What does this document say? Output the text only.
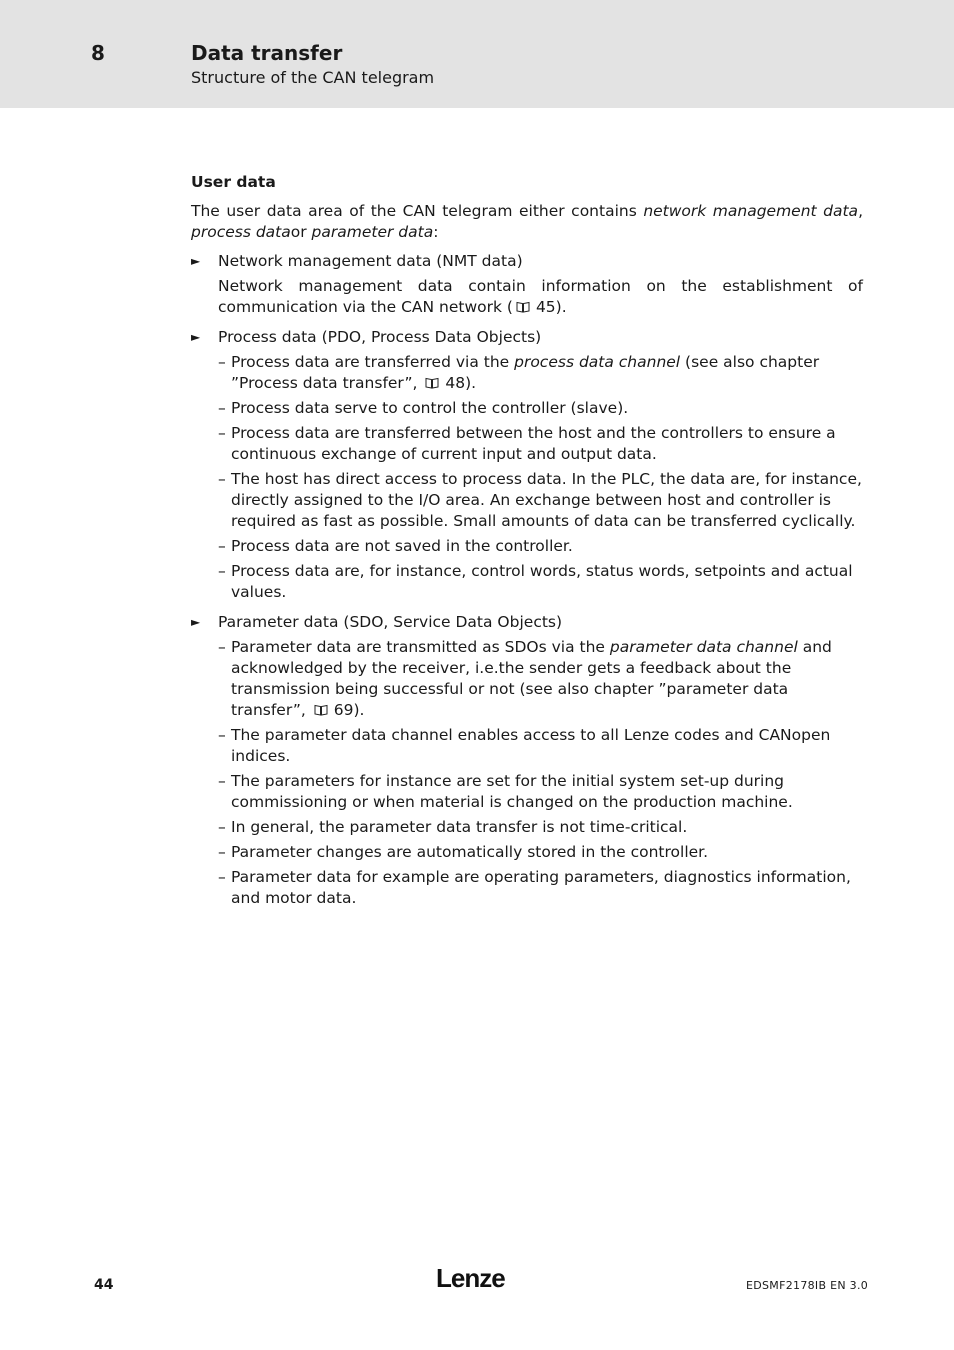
8	Data transfer
Structure of the CAN telegram
User data
The user data area of the CAN telegram either contains network management data, process dataor parameter data:
► Network management data (NMT data)
Network management data contain information on the establishment of communication via the CAN network ( 45).
► Process data (PDO, Process Data Objects)
– Process data are transferred via the process data channel (see also chapter ”Process data transfer”, 48).
– Process data serve to control the controller (slave).
– Process data are transferred between the host and the controllers to ensure a continuous exchange of current input and output data.
– The host has direct access to process data. In the PLC, the data are, for instance, directly assigned to the I/O area. An exchange between host and controller is required as fast as possible. Small amounts of data can be transferred cyclically.
– Process data are not saved in the controller.
– Process data are, for instance, control words, status words, setpoints and actual values.
► Parameter data (SDO, Service Data Objects)
– Parameter data are transmitted as SDOs via the parameter data channel and acknowledged by the receiver, i.e.the sender gets a feedback about the transmission being successful or not (see also chapter ”parameter data transfer”, 69).
– The parameter data channel enables access to all Lenze codes and CANopen indices.
– The parameters for instance are set for the initial system set-up during commissioning or when material is changed on the production machine.
– In general, the parameter data transfer is not time-critical.
– Parameter changes are automatically stored in the controller.
– Parameter data for example are operating parameters, diagnostics information, and motor data.
44	Lenze	EDSMF2178IB EN 3.0
